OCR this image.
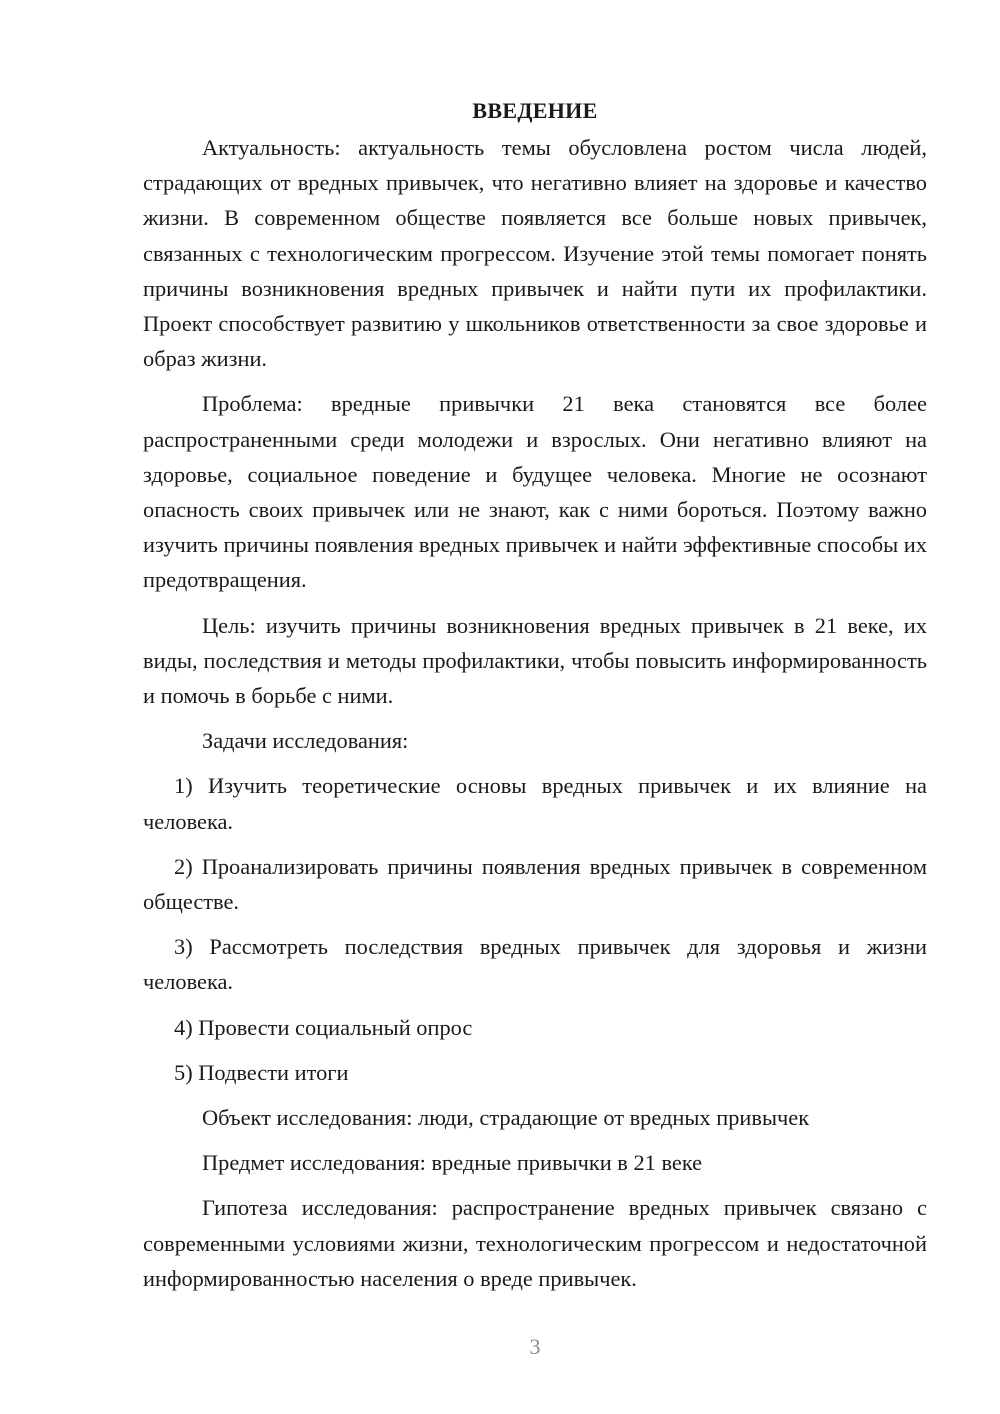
ВВЕДЕНИЕ

Актуальность: актуальность темы обусловлена ростом числа людей, страдающих от вредных привычек, что негативно влияет на здоровье и качество жизни. В современном обществе появляется все больше новых привычек, связанных с технологическим прогрессом. Изучение этой темы помогает понять причины возникновения вредных привычек и найти пути их профилактики. Проект способствует развитию у школьников ответственности за свое здоровье и образ жизни.

Проблема: вредные привычки 21 века становятся все более распространенными среди молодежи и взрослых. Они негативно влияют на здоровье, социальное поведение и будущее человека. Многие не осознают опасность своих привычек или не знают, как с ними бороться. Поэтому важно изучить причины появления вредных привычек и найти эффективные способы их предотвращения.

Цель: изучить причины возникновения вредных привычек в 21 веке, их виды, последствия и методы профилактики, чтобы повысить информированность и помочь в борьбе с ними.

Задачи исследования:

1) Изучить теоретические основы вредных привычек и их влияние на человека.

2) Проанализировать причины появления вредных привычек в современном обществе.

3) Рассмотреть последствия вредных привычек для здоровья и жизни человека.

4) Провести социальный опрос

5) Подвести итоги

Объект исследования: люди, страдающие от вредных привычек

Предмет исследования: вредные привычки в 21 веке

Гипотеза исследования: распространение вредных привычек связано с современными условиями жизни, технологическим прогрессом и недостаточной информированностью населения о вреде привычек.

3
